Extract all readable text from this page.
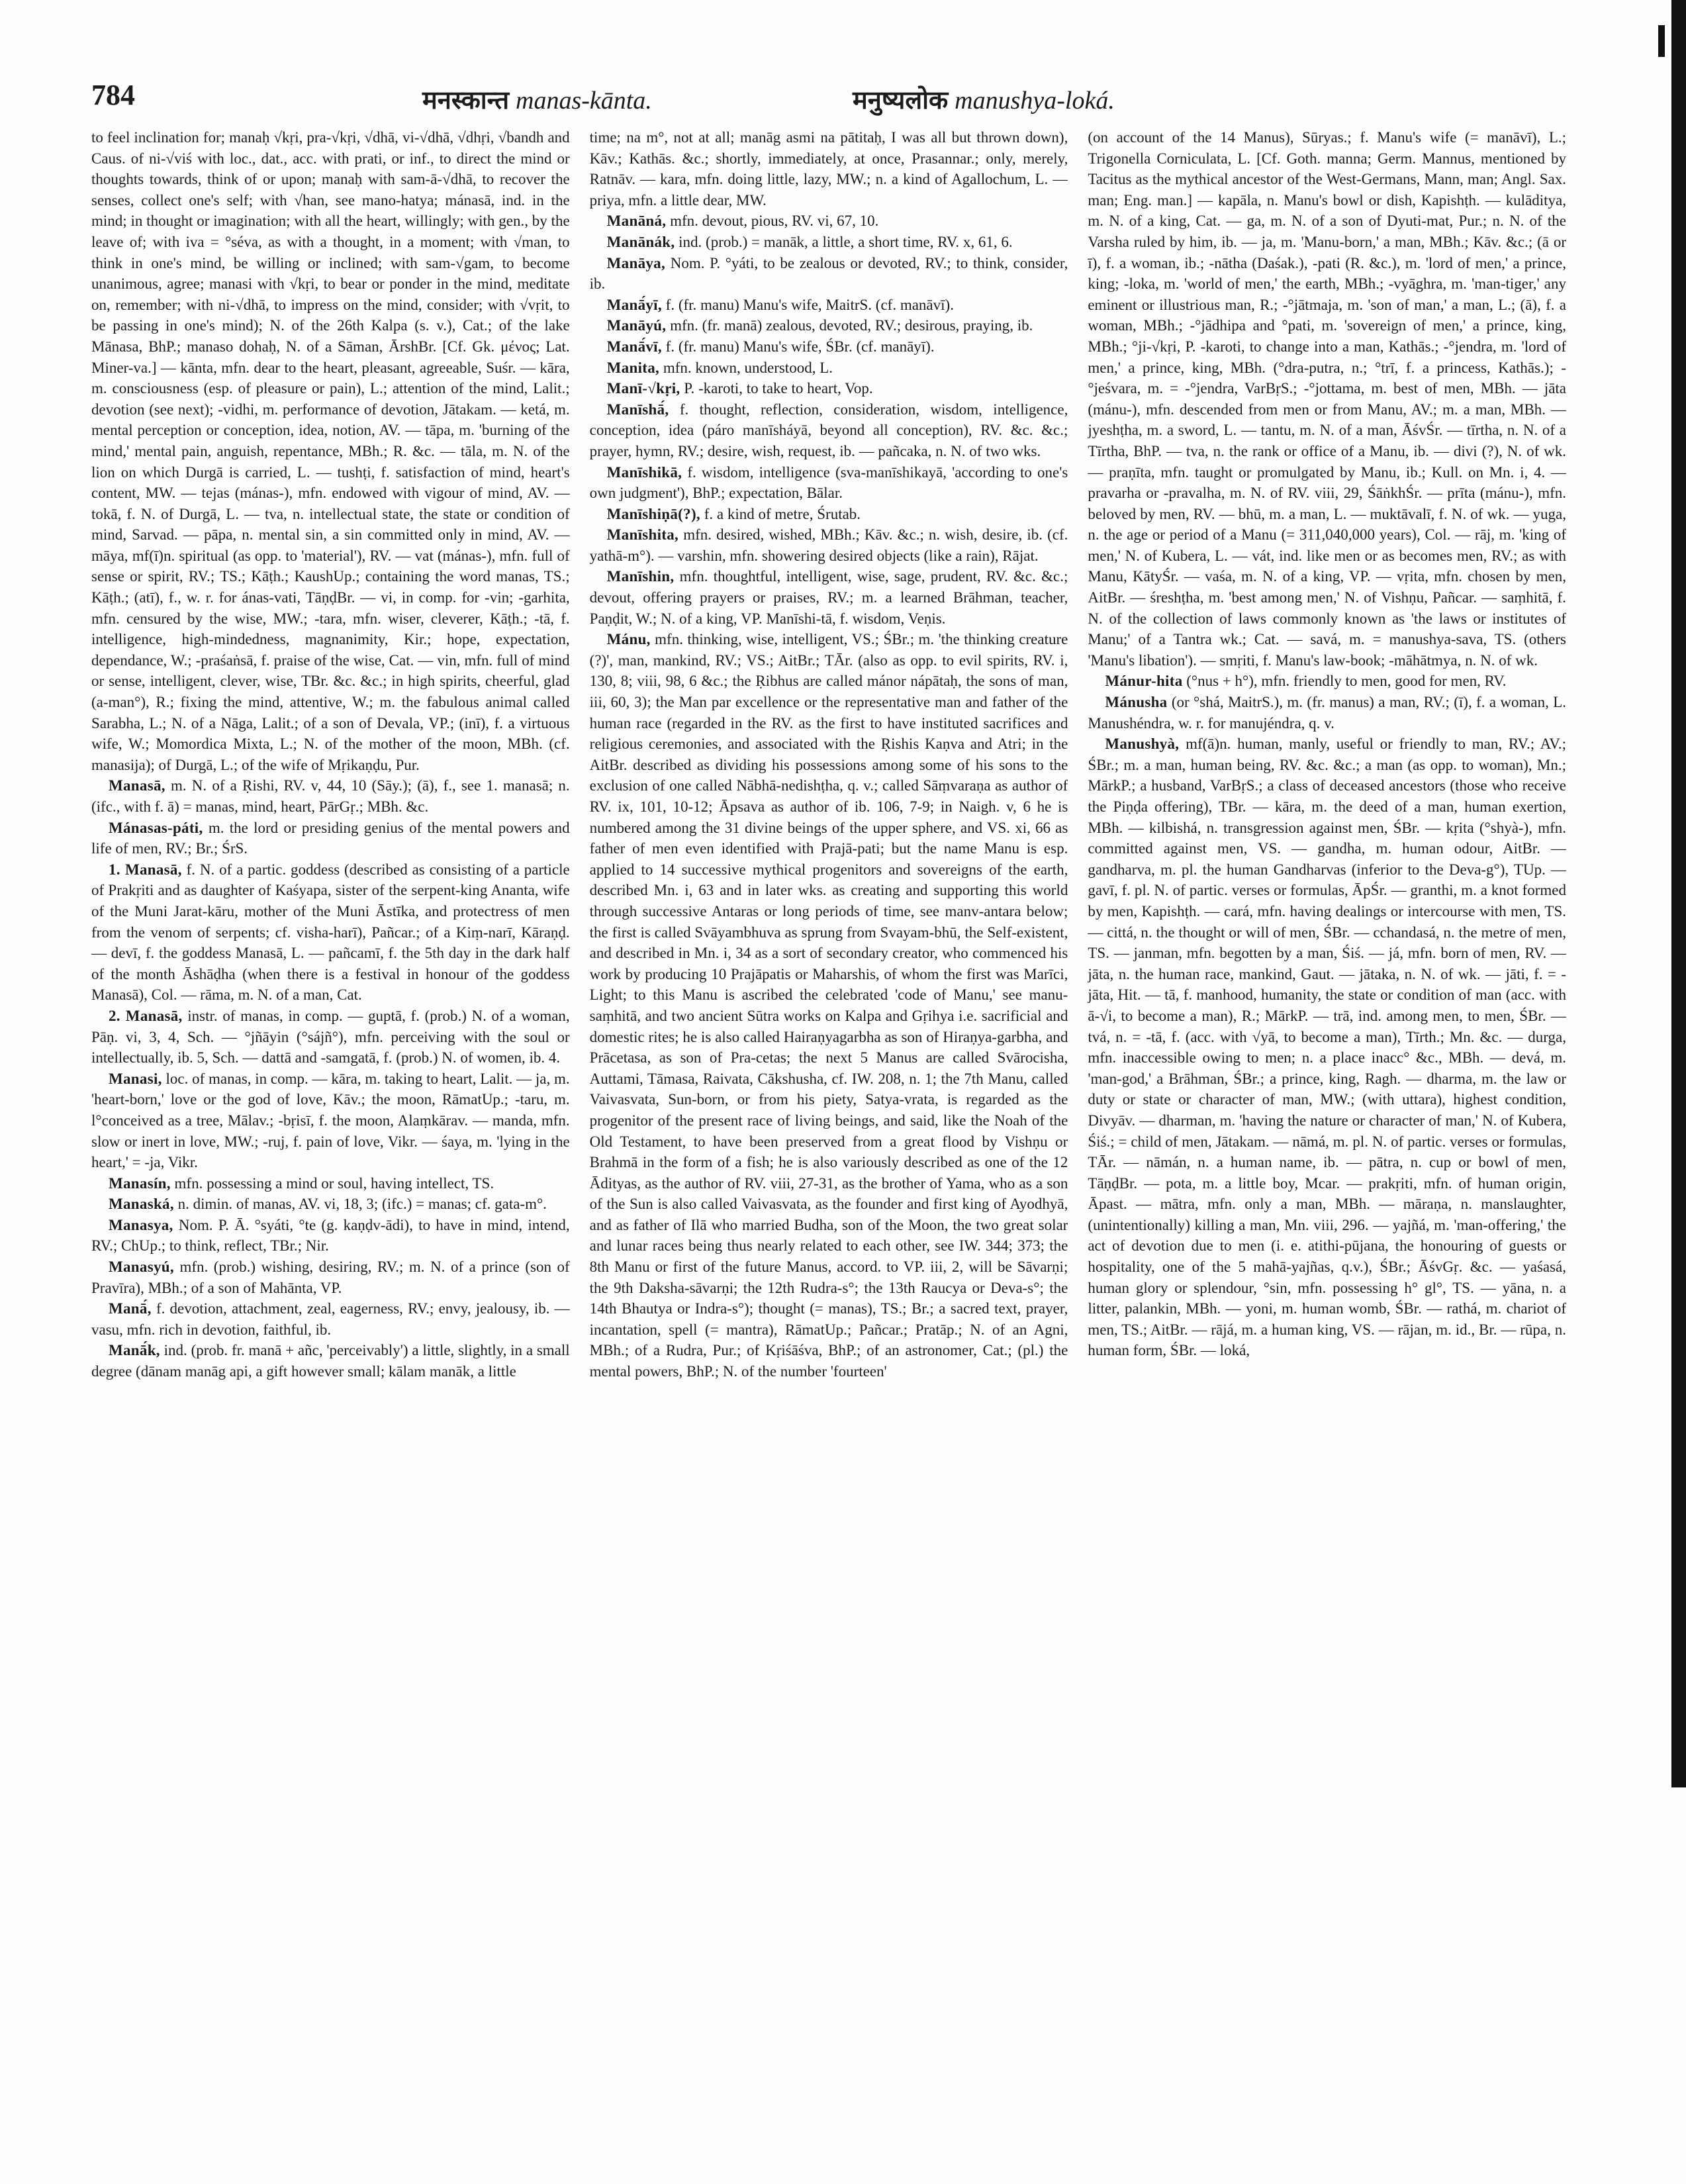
784	मनस्कान्त manas-kānta.	मनुष्यलोक manushya-loká.

to feel inclination for; manaḥ √kṛi, pra-√kṛi, √dhā, vi-√dhā, √dhṛi, √bandh and Caus. of ni-√viś with loc., dat., acc. with prati, or inf., to direct the mind or thoughts towards, think of or upon; manaḥ with sam-ā-√dhā, to recover the senses, collect one's self; with √han, see mano-hatya; mánasā, ind. in the mind; in thought or imagination; with all the heart, willingly; with gen., by the leave of; with iva = °séva, as with a thought, in a moment; with √man, to think in one's mind, be willing or inclined; with sam-√gam, to become unanimous, agree; manasi with √kṛi, to bear or ponder in the mind, meditate on, remember; with ni-√dhā, to impress on the mind, consider; with √vṛit, to be passing in one's mind); N. of the 26th Kalpa (s. v.), Cat.; of the lake Mānasa, BhP.; manaso dohaḥ, N. of a Sāman, ĀrshBr. [Cf. Gk. μένος; Lat. Miner-va.] — kānta, mfn. dear to the heart, pleasant, agreeable, Suśr. — kāra, m. consciousness (esp. of pleasure or pain), L.; attention of the mind, Lalit.; devotion (see next); -vidhi, m. performance of devotion, Jātakam. — ketá, m. mental perception or conception, idea, notion, AV. — tāpa, m. 'burning of the mind,' mental pain, anguish, repentance, MBh.; R. &c. — tāla, m. N. of the lion on which Durgā is carried, L. — tushṭi, f. satisfaction of mind, heart's content, MW. — tejas (mánas-), mfn. endowed with vigour of mind, AV. — tokā, f. N. of Durgā, L. — tva, n. intellectual state, the state or condition of mind, Sarvad. — pāpa, n. mental sin, a sin committed only in mind, AV. — māya, mf(ī)n. spiritual (as opp. to 'material'), RV. — vat (mánas-), mfn. full of sense or spirit, RV.; TS.; Kāṭh.; KaushUp.; containing the word manas, TS.; Kāṭh.; (atī), f., w. r. for ánas-vati, TāṇḍBr. — vi, in comp. for -vin; -garhita, mfn. censured by the wise, MW.; -tara, mfn. wiser, cleverer, Kāṭh.; -tā, f. intelligence, high-mindedness, magnanimity, Kir.; hope, expectation, dependance, W.; -praśaṅsā, f. praise of the wise, Cat. — vin, mfn. full of mind or sense, intelligent, clever, wise, TBr. &c. &c.; in high spirits, cheerful, glad (a-man°), R.; fixing the mind, attentive, W.; m. the fabulous animal called Sarabha, L.; N. of a Nāga, Lalit.; of a son of Devala, VP.; (inī), f. a virtuous wife, W.; Momordica Mixta, L.; N. of the mother of the moon, MBh. (cf. manasija); of Durgā, L.; of the wife of Mṛikaṇḍu, Pur.

Manasā, m. N. of a Ṛishi, RV. v, 44, 10 (Sāy.); (ā), f., see 1. manasā; n. (ifc., with f. ā) = manas, mind, heart, PārGṛ.; MBh. &c.

Mánasas-páti, m. the lord or presiding genius of the mental powers and life of men, RV.; Br.; ŚrS.

1. Manasā, f. N. of a partic. goddess (described as consisting of a particle of Prakṛiti and as daughter of Kaśyapa, sister of the serpent-king Ananta, wife of the Muni Jarat-kāru, mother of the Muni Āstīka, and protectress of men from the venom of serpents; cf. visha-harī), Pañcar.; of a Kiṃ-narī, Kāraṇḍ. — devī, f. the goddess Manasā, L. — pañcamī, f. the 5th day in the dark half of the month Āshāḍha (when there is a festival in honour of the goddess Manasā), Col. — rāma, m. N. of a man, Cat.

2. Manasā, instr. of manas, in comp. — guptā, f. (prob.) N. of a woman, Pāṇ. vi, 3, 4, Sch. — °jñāyin (°sájñ°), mfn. perceiving with the soul or intellectually, ib. 5, Sch. — dattā and -samgatā, f. (prob.) N. of women, ib. 4.

Manasi, loc. of manas, in comp. — kāra, m. taking to heart, Lalit. — ja, m. 'heart-born,' love or the god of love, Kāv.; the moon, RāmatUp.; -taru, m. l°conceived as a tree, Mālav.; -bṛisī, f. the moon, Alaṃkārav. — manda, mfn. slow or inert in love, MW.; -ruj, f. pain of love, Vikr. — śaya, m. 'lying in the heart,' = -ja, Vikr.

Manasín, mfn. possessing a mind or soul, having intellect, TS.

Manaská, n. dimin. of manas, AV. vi, 18, 3; (ifc.) = manas; cf. gata-m°.

Manasya, Nom. P. Ā. °syáti, °te (g. kaṇḍv-ādi), to have in mind, intend, RV.; ChUp.; to think, reflect, TBr.; Nir.

Manasyú, mfn. (prob.) wishing, desiring, RV.; m. N. of a prince (son of Pravīra), MBh.; of a son of Mahānta, VP.

Manā́, f. devotion, attachment, zeal, eagerness, RV.; envy, jealousy, ib. — vasu, mfn. rich in devotion, faithful, ib.

Manā́k, ind. (prob. fr. manā + añc, 'perceivably') a little, slightly, in a small degree (dānam manāg api, a gift however small; kālam manāk, a little

time; na m°, not at all; manāg asmi na pātitaḥ, I was all but thrown down), Kāv.; Kathās. &c.; shortly, immediately, at once, Prasannar.; only, merely, Ratnāv. — kara, mfn. doing little, lazy, MW.; n. a kind of Agallochum, L. — priya, mfn. a little dear, MW.

Manāná, mfn. devout, pious, RV. vi, 67, 10.

Manānák, ind. (prob.) = manāk, a little, a short time, RV. x, 61, 6.

Manāya, Nom. P. °yáti, to be zealous or devoted, RV.; to think, consider, ib.

Manā́yī, f. (fr. manu) Manu's wife, MaitrS. (cf. manāvī).

Manāyú, mfn. (fr. manā) zealous, devoted, RV.; desirous, praying, ib.

Manā́vī, f. (fr. manu) Manu's wife, ŚBr. (cf. manāyī).

Manita, mfn. known, understood, L.

Manī-√kṛi, P. -karoti, to take to heart, Vop.

Manīshā́, f. thought, reflection, consideration, wisdom, intelligence, conception, idea (páro manīsháyā, beyond all conception), RV. &c. &c.; prayer, hymn, RV.; desire, wish, request, ib. — pañcaka, n. N. of two wks.

Manīshikā, f. wisdom, intelligence (sva-manīshikayā, 'according to one's own judgment'), BhP.; expectation, Bālar.

Manīshiṇā(?), f. a kind of metre, Śrutab.

Manīshita, mfn. desired, wished, MBh.; Kāv. &c.; n. wish, desire, ib. (cf. yathā-m°). — varshin, mfn. showering desired objects (like a rain), Rājat.

Manīshin, mfn. thoughtful, intelligent, wise, sage, prudent, RV. &c. &c.; devout, offering prayers or praises, RV.; m. a learned Brāhman, teacher, Paṇḍit, W.; N. of a king, VP. Manīshi-tā, f. wisdom, Veṇis.

Mánu, mfn. thinking, wise, intelligent, VS.; ŚBr.; m. 'the thinking creature (?)', man, mankind, RV.; VS.; AitBr.; TĀr. (also as opp. to evil spirits, RV. i, 130, 8; viii, 98, 6 &c.; the Ṛibhus are called mánor nápātaḥ, the sons of man, iii, 60, 3); the Man par excellence or the representative man and father of the human race (regarded in the RV. as the first to have instituted sacrifices and religious ceremonies, and associated with the Ṛishis Kaṇva and Atri; in the AitBr. described as dividing his possessions among some of his sons to the exclusion of one called Nābhā-nedishṭha, q. v.; called Sāṃvaraṇa as author of RV. ix, 101, 10-12; Āpsava as author of ib. 106, 7-9; in Naigh. v, 6 he is numbered among the 31 divine beings of the upper sphere, and VS. xi, 66 as father of men even identified with Prajā-pati; but the name Manu is esp. applied to 14 successive mythical progenitors and sovereigns of the earth, described Mn. i, 63 and in later wks. as creating and supporting this world through successive Antaras or long periods of time, see manv-antara below; the first is called Svāyambhuva as sprung from Svayam-bhū, the Self-existent, and described in Mn. i, 34 as a sort of secondary creator, who commenced his work by producing 10 Prajāpatis or Maharshis, of whom the first was Marīci, Light; to this Manu is ascribed the celebrated 'code of Manu,' see manu-saṃhitā, and two ancient Sūtra works on Kalpa and Gṛihya i.e. sacrificial and domestic rites; he is also called Hairaṇyagarbha as son of Hiraṇya-garbha, and Prācetasa, as son of Pra-cetas; the next 5 Manus are called Svārocisha, Auttami, Tāmasa, Raivata, Cākshusha, cf. IW. 208, n. 1; the 7th Manu, called Vaivasvata, Sun-born, or from his piety, Satya-vrata, is regarded as the progenitor of the present race of living beings, and said, like the Noah of the Old Testament, to have been preserved from a great flood by Vishṇu or Brahmā in the form of a fish; he is also variously described as one of the 12 Ādityas, as the author of RV. viii, 27-31, as the brother of Yama, who as a son of the Sun is also called Vaivasvata, as the founder and first king of Ayodhyā, and as father of Ilā who married Budha, son of the Moon, the two great solar and lunar races being thus nearly related to each other, see IW. 344; 373; the 8th Manu or first of the future Manus, accord. to VP. iii, 2, will be Sāvarṇi; the 9th Daksha-sāvarṇi; the 12th Rudra-s°; the 13th Raucya or Deva-s°; the 14th Bhautya or Indra-s°); thought (= manas), TS.; Br.; a sacred text, prayer, incantation, spell (= mantra), RāmatUp.; Pañcar.; Pratāp.; N. of an Agni, MBh.; of a Rudra, Pur.; of Kṛiśāśva, BhP.; of an astronomer, Cat.; (pl.) the mental powers, BhP.; N. of the number 'fourteen'

(on account of the 14 Manus), Sūryas.; f. Manu's wife (= manāvī), L.; Trigonella Corniculata, L. [Cf. Goth. manna; Germ. Mannus, mentioned by Tacitus as the mythical ancestor of the West-Germans, Mann, man; Angl. Sax. man; Eng. man.] — kapāla, n. Manu's bowl or dish, Kapishṭh. — kulāditya, m. N. of a king, Cat. — ga, m. N. of a son of Dyuti-mat, Pur.; n. N. of the Varsha ruled by him, ib. — ja, m. 'Manu-born,' a man, MBh.; Kāv. &c.; (ā or ī), f. a woman, ib.; -nātha (Daśak.), -pati (R. &c.), m. 'lord of men,' a prince, king; -loka, m. 'world of men,' the earth, MBh.; -vyāghra, m. 'man-tiger,' any eminent or illustrious man, R.; -°jātmaja, m. 'son of man,' a man, L.; (ā), f. a woman, MBh.; -°jādhipa and °pati, m. 'sovereign of men,' a prince, king, MBh.; °ji-√kṛi, P. -karoti, to change into a man, Kathās.; -°jendra, m. 'lord of men,' a prince, king, MBh. (°dra-putra, n.; °trī, f. a princess, Kathās.); -°jeśvara, m. = -°jendra, VarBṛS.; -°jottama, m. best of men, MBh. — jāta (mánu-), mfn. descended from men or from Manu, AV.; m. a man, MBh. — jyeshṭha, m. a sword, L. — tantu, m. N. of a man, ĀśvŚr. — tīrtha, n. N. of a Tīrtha, BhP. — tva, n. the rank or office of a Manu, ib. — divi (?), N. of wk. — praṇīta, mfn. taught or promulgated by Manu, ib.; Kull. on Mn. i, 4. — pravarha or -pravalha, m. N. of RV. viii, 29, ŚāṅkhŚr. — prīta (mánu-), mfn. beloved by men, RV. — bhū, m. a man, L. — muktāvalī, f. N. of wk. — yuga, n. the age or period of a Manu (= 311,040,000 years), Col. — rāj, m. 'king of men,' N. of Kubera, L. — vát, ind. like men or as becomes men, RV.; as with Manu, KātyŚr. — vaśa, m. N. of a king, VP. — vṛita, mfn. chosen by men, AitBr. — śreshṭha, m. 'best among men,' N. of Vishṇu, Pañcar. — saṃhitā, f. N. of the collection of laws commonly known as 'the laws or institutes of Manu;' of a Tantra wk.; Cat. — savá, m. = manushya-sava, TS. (others 'Manu's libation'). — smṛiti, f. Manu's law-book; -māhātmya, n. N. of wk.

Mánur-hita (°nus + h°), mfn. friendly to men, good for men, RV.

Mánusha (or °shá, MaitrS.), m. (fr. manus) a man, RV.; (ī), f. a woman, L. Manushéndra, w. r. for manujéndra, q. v.

Manushyà, mf(ā)n. human, manly, useful or friendly to man, RV.; AV.; ŚBr.; m. a man, human being, RV. &c. &c.; a man (as opp. to woman), Mn.; MārkP.; a husband, VarBṛS.; a class of deceased ancestors (those who receive the Piṇḍa offering), TBr. — kāra, m. the deed of a man, human exertion, MBh. — kilbishá, n. transgression against men, ŚBr. — kṛita (°shyà-), mfn. committed against men, VS. — gandha, m. human odour, AitBr. — gandharva, m. pl. the human Gandharvas (inferior to the Deva-g°), TUp. — gavī, f. pl. N. of partic. verses or formulas, ĀpŚr. — granthi, m. a knot formed by men, Kapishṭh. — cará, mfn. having dealings or intercourse with men, TS. — cittá, n. the thought or will of men, ŚBr. — cchandasá, n. the metre of men, TS. — janman, mfn. begotten by a man, Śiś. — já, mfn. born of men, RV. — jāta, n. the human race, mankind, Gaut. — jātaka, n. N. of wk. — jāti, f. = -jāta, Hit. — tā, f. manhood, humanity, the state or condition of man (acc. with ā-√i, to become a man), R.; MārkP. — trā, ind. among men, to men, ŚBr. — tvá, n. = -tā, f. (acc. with √yā, to become a man), Tīrth.; Mn. &c. — durga, mfn. inaccessible owing to men; n. a place inacc° &c., MBh. — devá, m. 'man-god,' a Brāhman, ŚBr.; a prince, king, Ragh. — dharma, m. the law or duty or state or character of man, MW.; (with uttara), highest condition, Divyāv. — dharman, m. 'having the nature or character of man,' N. of Kubera, Śiś.; = child of men, Jātakam. — nāmá, m. pl. N. of partic. verses or formulas, TĀr. — nāmán, n. a human name, ib. — pātra, n. cup or bowl of men, TāṇḍBr. — pota, m. a little boy, Mcar. — prakṛiti, mfn. of human origin, Āpast. — mātra, mfn. only a man, MBh. — māraṇa, n. manslaughter, (unintentionally) killing a man, Mn. viii, 296. — yajñá, m. 'man-offering,' the act of devotion due to men (i. e. atithi-pūjana, the honouring of guests or hospitality, one of the 5 mahā-yajñas, q.v.), ŚBr.; ĀśvGṛ. &c. — yaśasá, human glory or splendour, °sin, mfn. possessing h° gl°, TS. — yāna, n. a litter, palankin, MBh. — yoni, m. human womb, ŚBr. — rathá, m. chariot of men, TS.; AitBr. — rājá, m. a human king, VS. — rājan, m. id., Br. — rūpa, n. human form, ŚBr. — loká,
